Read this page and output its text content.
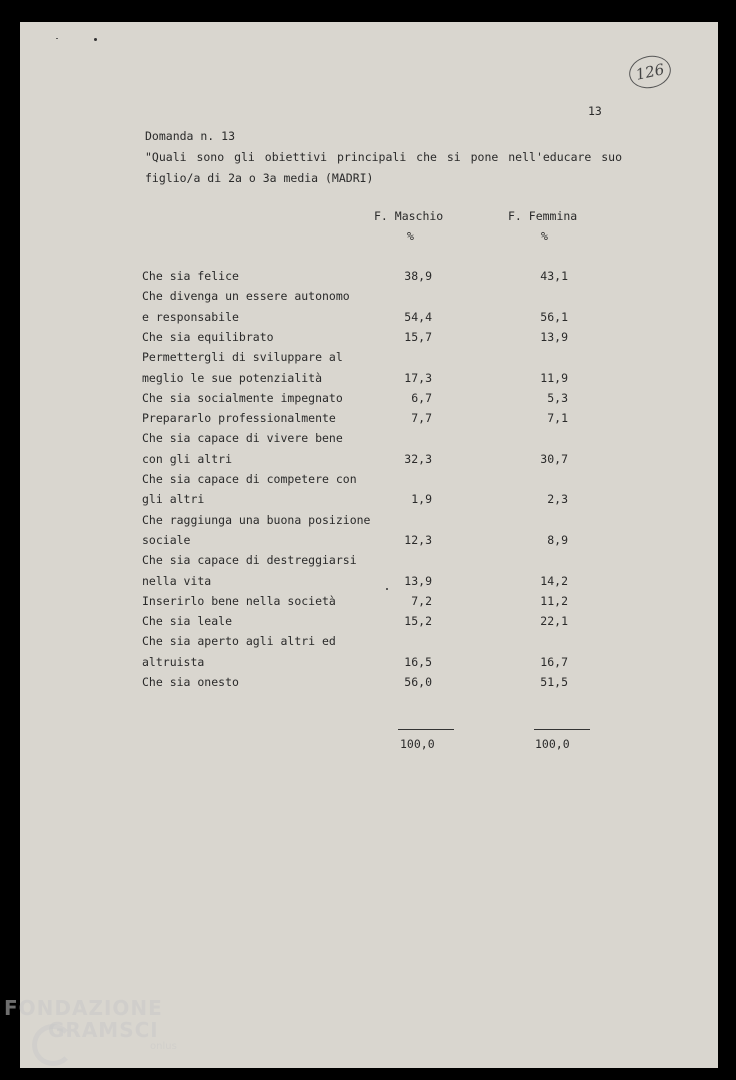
126
13
Domanda n. 13
"Quali sono gli obiettivi principali che si pone nell'educare suo
figlio/a di 2a o 3a media (MADRI)
F. Maschio	F. Femmina
%	%
Che sia felice	38,9	43,1
Che divenga un essere autonomo
e responsabile	54,4	56,1
Che sia equilibrato	15,7	13,9
Permettergli di sviluppare al
meglio le sue potenzialità	17,3	11,9
Che sia socialmente impegnato	6,7	5,3
Prepararlo professionalmente	7,7	7,1
Che sia capace di vivere bene
con gli altri	32,3	30,7
Che sia capace di competere con
gli altri	1,9	2,3
Che raggiunga una buona posizione
sociale	12,3	8,9
Che sia capace di destreggiarsi
nella vita	13,9	14,2
Inserirlo bene nella società	7,2	11,2
Che sia leale	15,2	22,1
Che sia aperto agli altri ed
altruista	16,5	16,7
Che sia onesto	56,0	51,5
100,0	100,0
FONDAZIONE
GRAMSCI
onlus
